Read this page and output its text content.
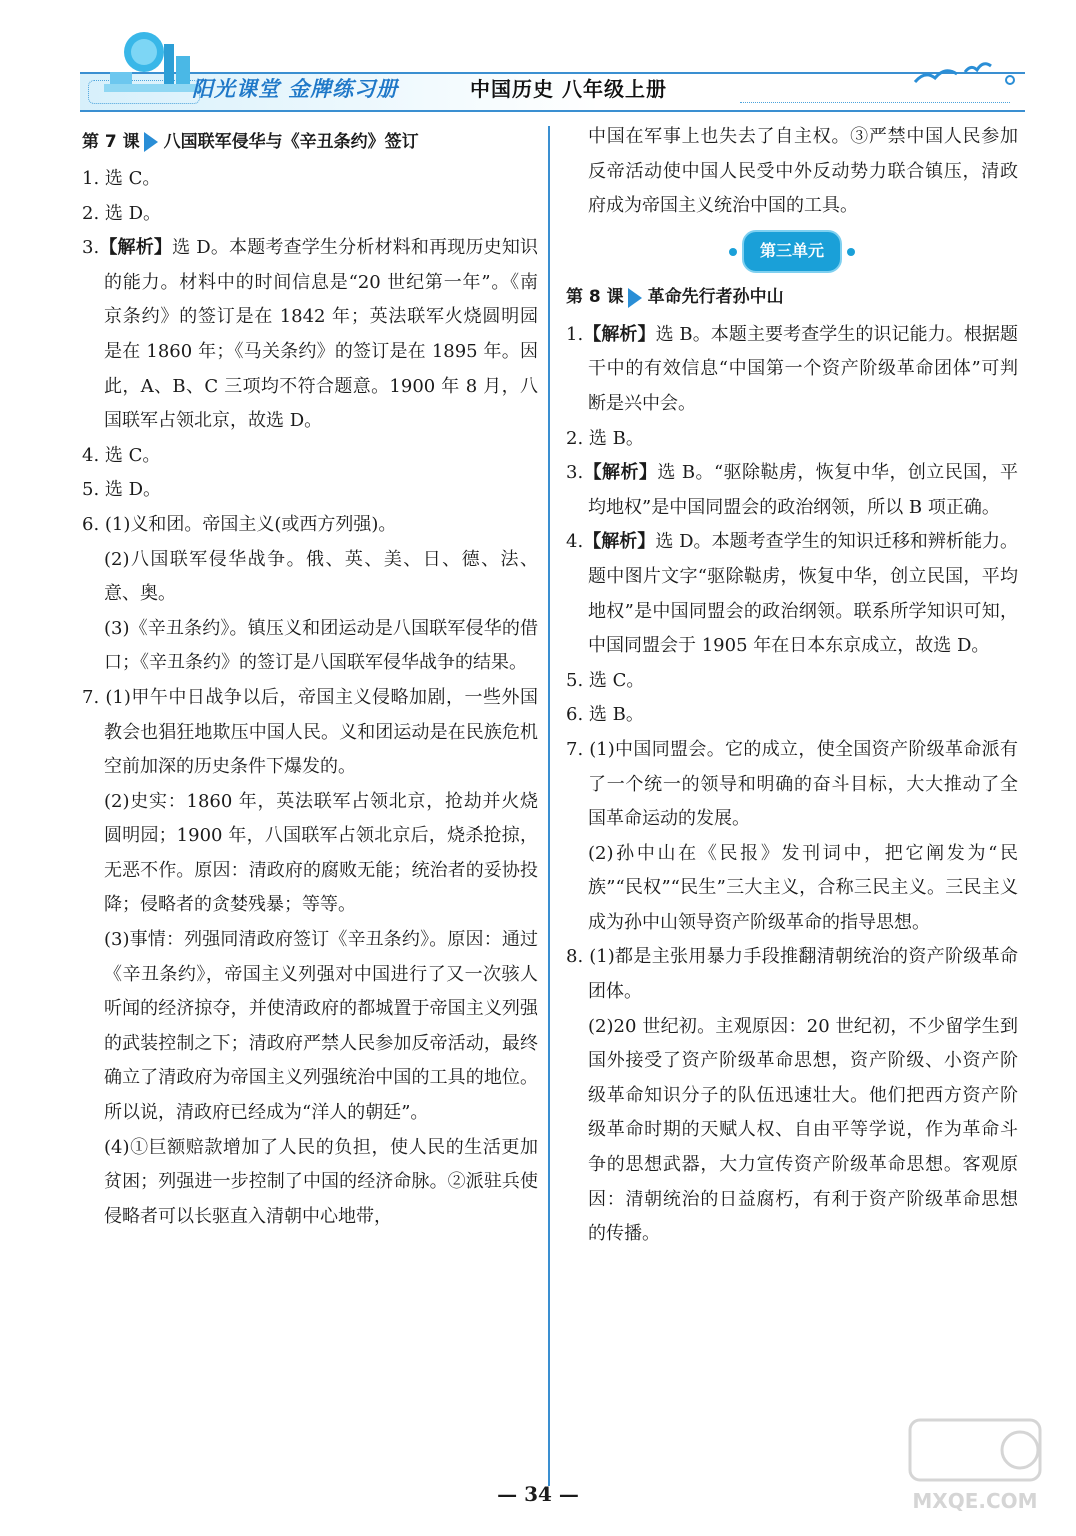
阳光课堂 金牌练习册	中国历史 八年级上册
第 7 课 八国联军侵华与《辛丑条约》签订

1. 选 C。

2. 选 D。

3.【解析】选 D。本题考查学生分析材料和再现历史知识的能力。材料中的时间信息是“20 世纪第一年”。《南京条约》的签订是在 1842 年；英法联军火烧圆明园是在 1860 年；《马关条约》的签订是在 1895 年。因此，A、B、C 三项均不符合题意。1900 年 8 月，八国联军占领北京，故选 D。

4. 选 C。

5. 选 D。

6. (1)义和团。帝国主义(或西方列强)。

(2)八国联军侵华战争。俄、英、美、日、德、法、意、奥。

(3)《辛丑条约》。镇压义和团运动是八国联军侵华的借口；《辛丑条约》的签订是八国联军侵华战争的结果。

7. (1)甲午中日战争以后，帝国主义侵略加剧，一些外国教会也猖狂地欺压中国人民。义和团运动是在民族危机空前加深的历史条件下爆发的。

(2)史实：1860 年，英法联军占领北京，抢劫并火烧圆明园；1900 年，八国联军占领北京后，烧杀抢掠，无恶不作。原因：清政府的腐败无能；统治者的妥协投降；侵略者的贪婪残暴；等等。

(3)事情：列强同清政府签订《辛丑条约》。原因：通过《辛丑条约》，帝国主义列强对中国进行了又一次骇人听闻的经济掠夺，并使清政府的都城置于帝国主义列强的武装控制之下；清政府严禁人民参加反帝活动，最终确立了清政府为帝国主义列强统治中国的工具的地位。所以说，清政府已经成为“洋人的朝廷”。

(4)①巨额赔款增加了人民的负担，使人民的生活更加贫困；列强进一步控制了中国的经济命脉。②派驻兵使侵略者可以长驱直入清朝中心地带，

中国在军事上也失去了自主权。③严禁中国人民参加反帝活动使中国人民受中外反动势力联合镇压，清政府成为帝国主义统治中国的工具。

第三单元
第 8 课 革命先行者孙中山

1.【解析】选 B。本题主要考查学生的识记能力。根据题干中的有效信息“中国第一个资产阶级革命团体”可判断是兴中会。

2. 选 B。

3.【解析】选 B。“驱除鞑虏，恢复中华，创立民国，平均地权”是中国同盟会的政治纲领，所以 B 项正确。

4.【解析】选 D。本题考查学生的知识迁移和辨析能力。题中图片文字“驱除鞑虏，恢复中华，创立民国，平均地权”是中国同盟会的政治纲领。联系所学知识可知，中国同盟会于 1905 年在日本东京成立，故选 D。

5. 选 C。

6. 选 B。

7. (1)中国同盟会。它的成立，使全国资产阶级革命派有了一个统一的领导和明确的奋斗目标，大大推动了全国革命运动的发展。

(2)孙中山在《民报》发刊词中，把它阐发为“民族”“民权”“民生”三大主义，合称三民主义。三民主义成为孙中山领导资产阶级革命的指导思想。

8. (1)都是主张用暴力手段推翻清朝统治的资产阶级革命团体。

(2)20 世纪初。主观原因：20 世纪初，不少留学生到国外接受了资产阶级革命思想，资产阶级、小资产阶级革命知识分子的队伍迅速壮大。他们把西方资产阶级革命时期的天赋人权、自由平等学说，作为革命斗争的思想武器，大力宣传资产阶级革命思想。客观原因：清朝统治的日益腐朽，有利于资产阶级革命思想的传播。

— 34 —	MXQE.COM
